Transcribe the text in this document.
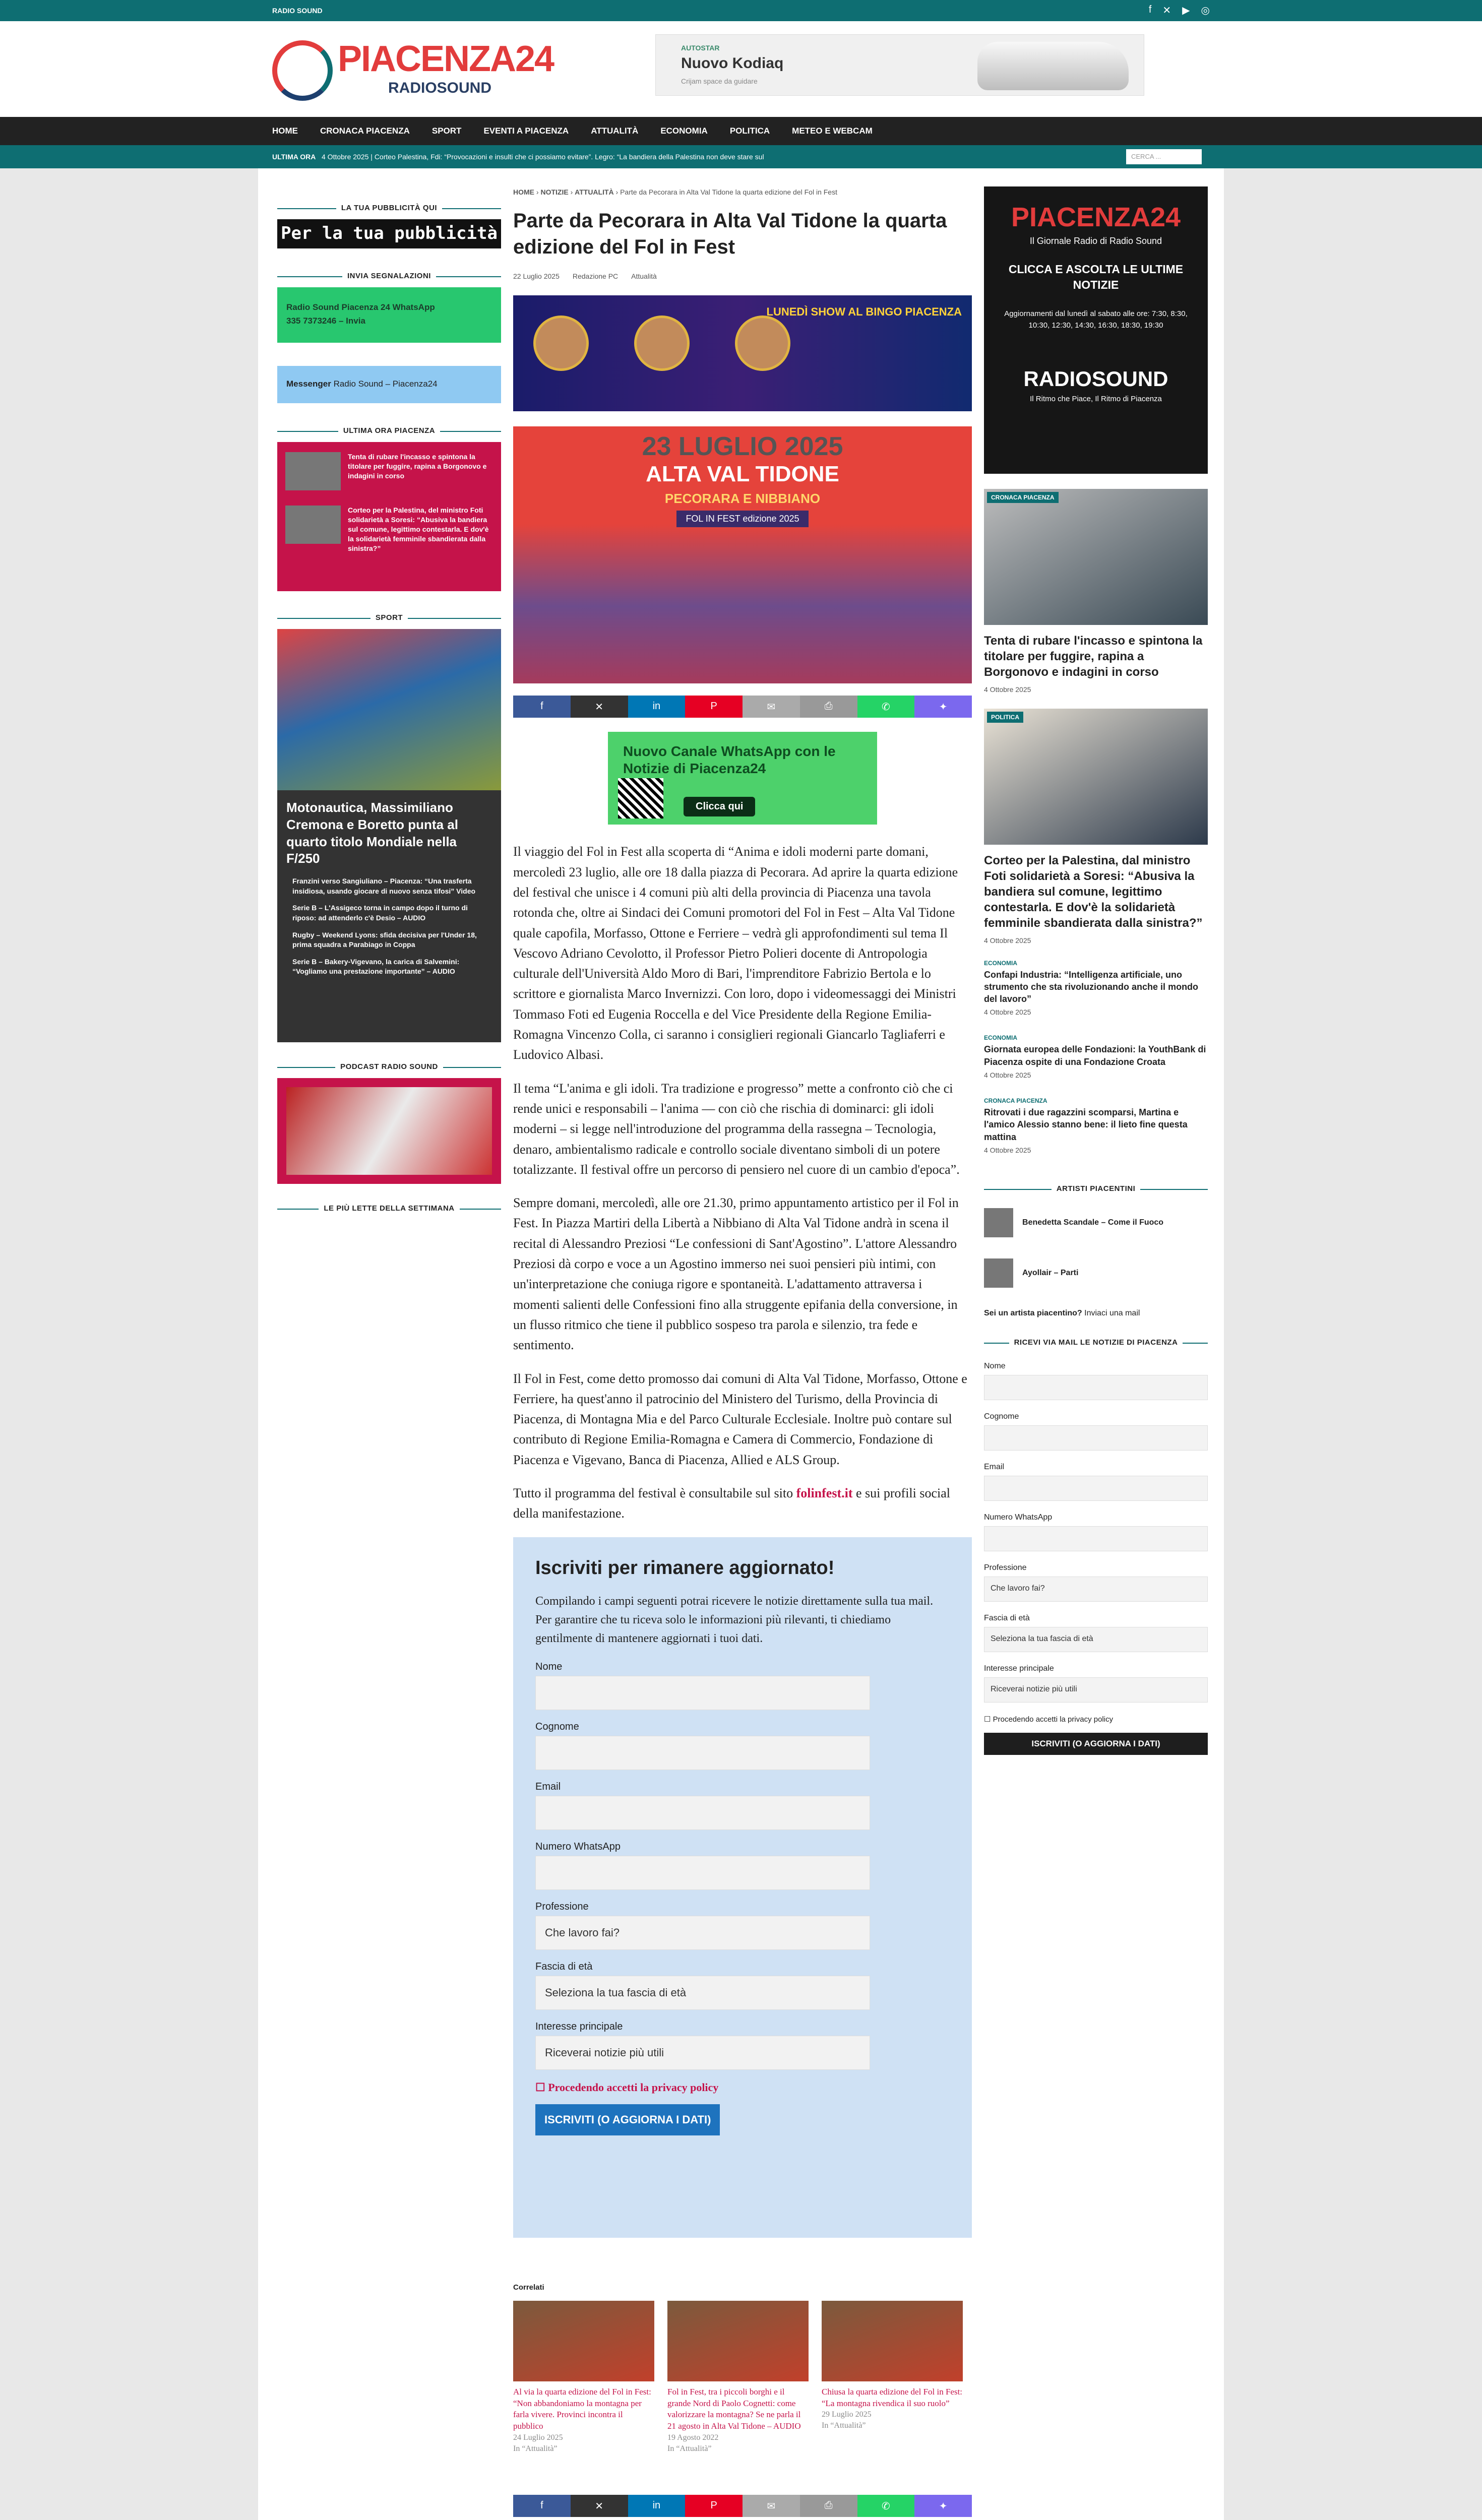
RADIO SOUND	f ✕ ▶ ◎
PIACENZA24
RADIOSOUND
AUTOSTAR
Nuovo Kodiaq
Crijam space da guidare
HOME	CRONACA PIACENZA	SPORT	EVENTI A PIACENZA	ATTUALITÀ	ECONOMIA	POLITICA	METEO E WEBCAM
ULTIMA ORA 4 Ottobre 2025 | Corteo Palestina, Fdi: “Provocazioni e insulti che ci possiamo evitare”. Legro: “La bandiera della Palestina non deve stare sul	CERCA ...
LA TUA PUBBLICITÀ QUI
Per la tua pubblicità
INVIA SEGNALAZIONI
Radio Sound Piacenza 24 WhatsApp
335 7373246 – Invia
Messenger Radio Sound – Piacenza24
ULTIMA ORA PIACENZA
Tenta di rubare l'incasso e spintona la titolare per fuggire, rapina a Borgonovo e indagini in corso
Corteo per la Palestina, del ministro Foti solidarietà a Soresi: “Abusiva la bandiera sul comune, legittimo contestarla. E dov'è la solidarietà femminile sbandierata dalla sinistra?”
SPORT
Motonautica, Massimiliano Cremona e Boretto punta al quarto titolo Mondiale nella F/250
Franzini verso Sangiuliano – Piacenza: “Una trasferta insidiosa, usando giocare di nuovo senza tifosi” Video
Serie B – L'Assigeco torna in campo dopo il turno di riposo: ad attenderlo c'è Desio – AUDIO
Rugby – Weekend Lyons: sfida decisiva per l'Under 18, prima squadra a Parabiago in Coppa
Serie B – Bakery-Vigevano, la carica di Salvemini: “Vogliamo una prestazione importante” – AUDIO
PODCAST RADIO SOUND
LE PIÙ LETTE DELLA SETTIMANA
HOME › NOTIZIE › ATTUALITÀ › Parte da Pecorara in Alta Val Tidone la quarta edizione del Fol in Fest
Parte da Pecorara in Alta Val Tidone la quarta edizione del Fol in Fest
22 Luglio 2025 Redazione PC Attualità
LUNEDÌ SHOW AL BINGO PIACENZA
23 LUGLIO 2025
ALTA VAL TIDONE
PECORARA E NIBBIANO
FOL IN FEST edizione 2025
f	✕	in	P	✉	⎙	✆	✦
Nuovo Canale WhatsApp con le Notizie di Piacenza24
Clicca qui

Il viaggio del Fol in Fest alla scoperta di “Anima e idoli moderni parte domani, mercoledì 23 luglio, alle ore 18 dalla piazza di Pecorara. Ad aprire la quarta edizione del festival che unisce i 4 comuni più alti della provincia di Piacenza una tavola rotonda che, oltre ai Sindaci dei Comuni promotori del Fol in Fest – Alta Val Tidone quale capofila, Morfasso, Ottone e Ferriere – vedrà gli approfondimenti sul tema Il Vescovo Adriano Cevolotto, il Professor Pietro Polieri docente di Antropologia culturale dell'Università Aldo Moro di Bari, l'imprenditore Fabrizio Bertola e lo scrittore e giornalista Marco Invernizzi. Con loro, dopo i videomessaggi dei Ministri Tommaso Foti ed Eugenia Roccella e del Vice Presidente della Regione Emilia-Romagna Vincenzo Colla, ci saranno i consiglieri regionali Giancarlo Tagliaferri e Ludovico Albasi.

Il tema “L'anima e gli idoli. Tra tradizione e progresso” mette a confronto ciò che ci rende unici e responsabili – l'anima — con ciò che rischia di dominarci: gli idoli moderni – si legge nell'introduzione del programma della rassegna – Tecnologia, denaro, ambientalismo radicale e controllo sociale diventano simboli di un potere totalizzante. Il festival offre un percorso di pensiero nel cuore di un cambio d'epoca”.

Sempre domani, mercoledì, alle ore 21.30, primo appuntamento artistico per il Fol in Fest. In Piazza Martiri della Libertà a Nibbiano di Alta Val Tidone andrà in scena il recital di Alessandro Preziosi “Le confessioni di Sant'Agostino”. L'attore Alessandro Preziosi dà corpo e voce a un Agostino immerso nei suoi pensieri più intimi, con un'interpretazione che coniuga rigore e spontaneità. L'adattamento attraversa i momenti salienti delle Confessioni fino alla struggente epifania della conversione, in un flusso ritmico che tiene il pubblico sospeso tra parola e silenzio, tra fede e sentimento.

Il Fol in Fest, come detto promosso dai comuni di Alta Val Tidone, Morfasso, Ottone e Ferriere, ha quest'anno il patrocinio del Ministero del Turismo, della Provincia di Piacenza, di Montagna Mia e del Parco Culturale Ecclesiale. Inoltre può contare sul contributo di Regione Emilia-Romagna e Camera di Commercio, Fondazione di Piacenza e Vigevano, Banca di Piacenza, Allied e ALS Group.

Tutto il programma del festival è consultabile sul sito folinfest.it e sui profili social della manifestazione.

Iscriviti per rimanere aggiornato!

Compilando i campi seguenti potrai ricevere le notizie direttamente sulla tua mail. Per garantire che tu riceva solo le informazioni più rilevanti, ti chiediamo gentilmente di mantenere aggiornati i tuoi dati.

Nome
Cognome
Email
Numero WhatsApp
Professione
Che lavoro fai?
Fascia di età
Seleziona la tua fascia di età
Interesse principale
Riceverai notizie più utili
☐ Procedendo accetti la privacy policy
ISCRIVITI (O AGGIORNA I DATI)
Correlati
Al via la quarta edizione del Fol in Fest: “Non abbandoniamo la montagna per farla vivere. Provinci incontra il pubblico
24 Luglio 2025
In “Attualità”
Fol in Fest, tra i piccoli borghi e il grande Nord di Paolo Cognetti: come valorizzare la montagna? Se ne parla il 21 agosto in Alta Val Tidone – AUDIO
19 Agosto 2022
In “Attualità”
Chiusa la quarta edizione del Fol in Fest: “La montagna rivendica il suo ruolo”
29 Luglio 2025
In “Attualità”
f	✕	in	P	✉	⎙	✆	✦
PIACENZA24
Il Giornale Radio di Radio Sound
CLICCA E ASCOLTA LE ULTIME NOTIZIE
Aggiornamenti dal lunedì al sabato alle ore: 7:30, 8:30, 10:30, 12:30, 14:30, 16:30, 18:30, 19:30
RADIOSOUND
Il Ritmo che Piace, Il Ritmo di Piacenza
CRONACA PIACENZA
Tenta di rubare l'incasso e spintona la titolare per fuggire, rapina a Borgonovo e indagini in corso
4 Ottobre 2025
POLITICA
Corteo per la Palestina, dal ministro Foti solidarietà a Soresi: “Abusiva la bandiera sul comune, legittimo contestarla. E dov'è la solidarietà femminile sbandierata dalla sinistra?”
4 Ottobre 2025
ECONOMIA
Confapi Industria: “Intelligenza artificiale, uno strumento che sta rivoluzionando anche il mondo del lavoro”
4 Ottobre 2025
ECONOMIA
Giornata europea delle Fondazioni: la YouthBank di Piacenza ospite di una Fondazione Croata
4 Ottobre 2025
CRONACA PIACENZA
Ritrovati i due ragazzini scomparsi, Martina e l'amico Alessio stanno bene: il lieto fine questa mattina
4 Ottobre 2025
ARTISTI PIACENTINI
Benedetta Scandale – Come il Fuoco
Ayollair – Parti
Sei un artista piacentino? Inviaci una mail
RICEVI VIA MAIL LE NOTIZIE DI PIACENZA
Nome
Cognome
Email
Numero WhatsApp
Professione
Che lavoro fai?
Fascia di età
Seleziona la tua fascia di età
Interesse principale
Riceverai notizie più utili
☐ Procedendo accetti la privacy policy
ISCRIVITI (O AGGIORNA I DATI)
